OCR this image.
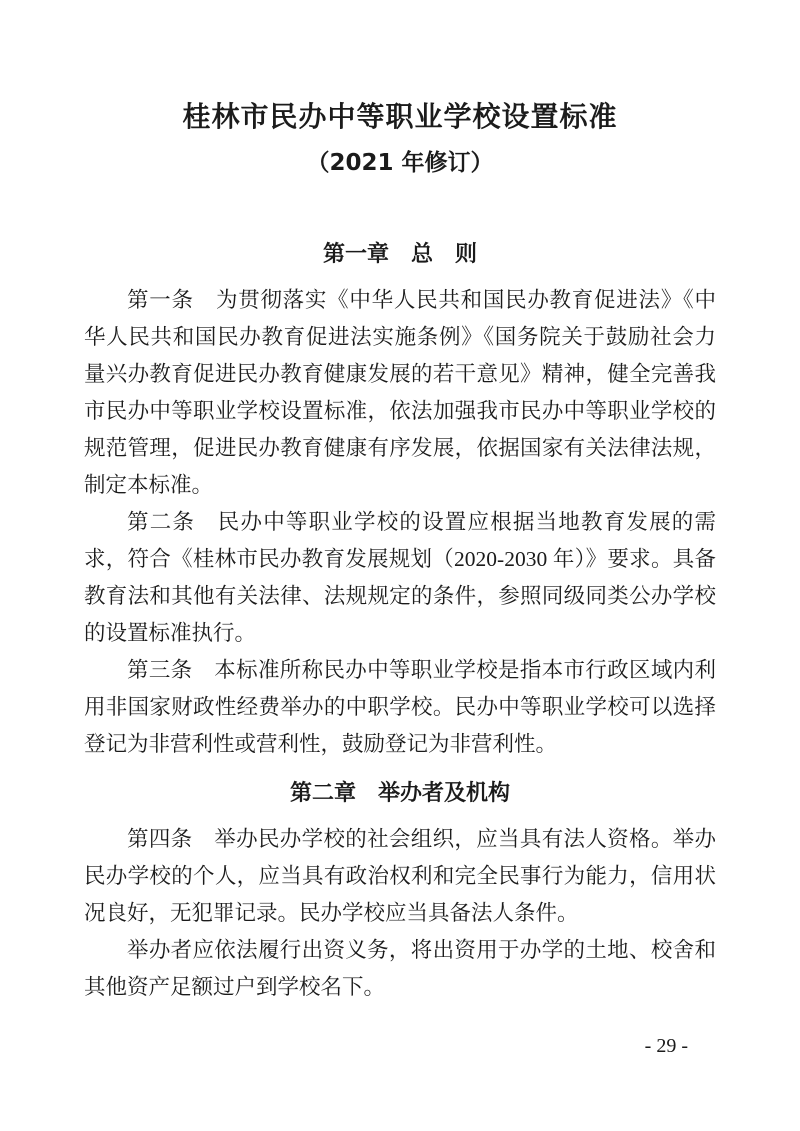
桂林市民办中等职业学校设置标准
（2021 年修订）
第一章　总　则

第一条　为贯彻落实《中华人民共和国民办教育促进法》《中华人民共和国民办教育促进法实施条例》《国务院关于鼓励社会力量兴办教育促进民办教育健康发展的若干意见》精神，健全完善我市民办中等职业学校设置标准，依法加强我市民办中等职业学校的规范管理，促进民办教育健康有序发展，依据国家有关法律法规，制定本标准。

第二条　民办中等职业学校的设置应根据当地教育发展的需求，符合《桂林市民办教育发展规划（2020-2030 年）》要求。具备教育法和其他有关法律、法规规定的条件，参照同级同类公办学校的设置标准执行。

第三条　本标准所称民办中等职业学校是指本市行政区域内利用非国家财政性经费举办的中职学校。民办中等职业学校可以选择登记为非营利性或营利性，鼓励登记为非营利性。

第二章　举办者及机构

第四条　举办民办学校的社会组织，应当具有法人资格。举办民办学校的个人，应当具有政治权利和完全民事行为能力，信用状况良好，无犯罪记录。民办学校应当具备法人条件。

举办者应依法履行出资义务，将出资用于办学的土地、校舍和其他资产足额过户到学校名下。

- 29 -
